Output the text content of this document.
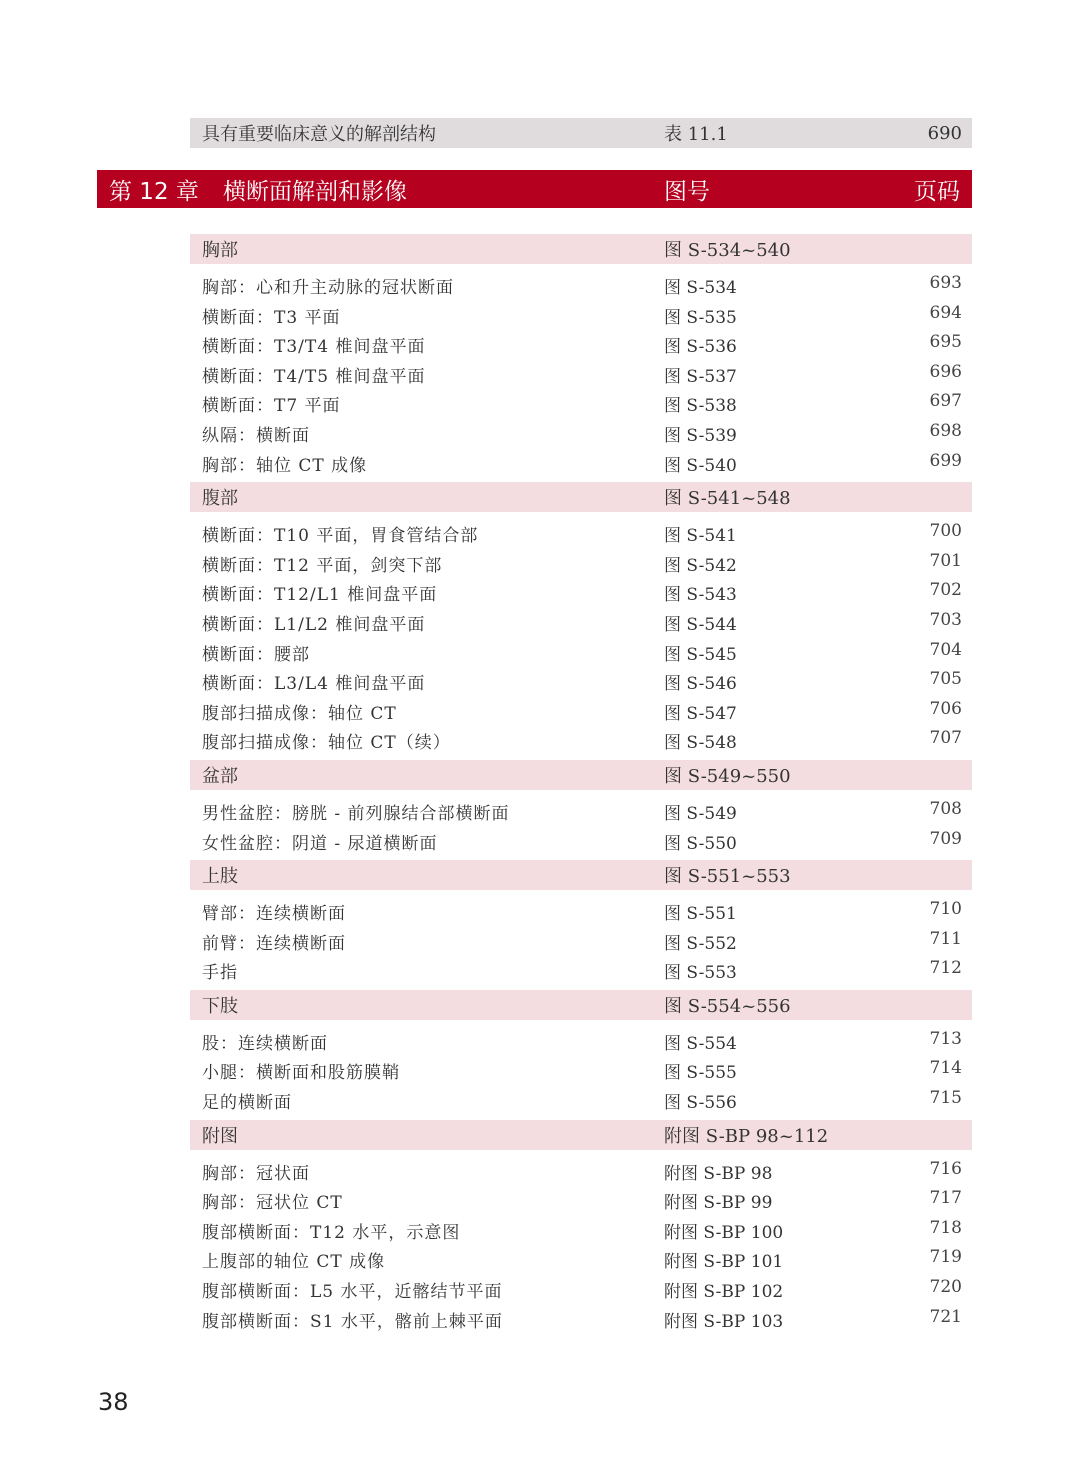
具有重要临床意义的解剖结构	表 11.1	690
第 12 章 横断面解剖和影像	图号	页码
胸部	图 S-534~540
胸部：心和升主动脉的冠状断面	图 S-534	693
横断面：T3 平面	图 S-535	694
横断面：T3/T4 椎间盘平面	图 S-536	695
横断面：T4/T5 椎间盘平面	图 S-537	696
横断面：T7 平面	图 S-538	697
纵隔：横断面	图 S-539	698
胸部：轴位 CT 成像	图 S-540	699
腹部	图 S-541~548
横断面：T10 平面，胃食管结合部	图 S-541	700
横断面：T12 平面，剑突下部	图 S-542	701
横断面：T12/L1 椎间盘平面	图 S-543	702
横断面：L1/L2 椎间盘平面	图 S-544	703
横断面：腰部	图 S-545	704
横断面：L3/L4 椎间盘平面	图 S-546	705
腹部扫描成像：轴位 CT	图 S-547	706
腹部扫描成像：轴位 CT（续）	图 S-548	707
盆部	图 S-549~550
男性盆腔：膀胱 - 前列腺结合部横断面	图 S-549	708
女性盆腔：阴道 - 尿道横断面	图 S-550	709
上肢	图 S-551~553
臂部：连续横断面	图 S-551	710
前臂：连续横断面	图 S-552	711
手指	图 S-553	712
下肢	图 S-554~556
股：连续横断面	图 S-554	713
小腿：横断面和股筋膜鞘	图 S-555	714
足的横断面	图 S-556	715
附图	附图 S-BP 98~112
胸部：冠状面	附图 S-BP 98	716
胸部：冠状位 CT	附图 S-BP 99	717
腹部横断面：T12 水平，示意图	附图 S-BP 100	718
上腹部的轴位 CT 成像	附图 S-BP 101	719
腹部横断面：L5 水平，近髂结节平面	附图 S-BP 102	720
腹部横断面：S1 水平，髂前上棘平面	附图 S-BP 103	721
38
